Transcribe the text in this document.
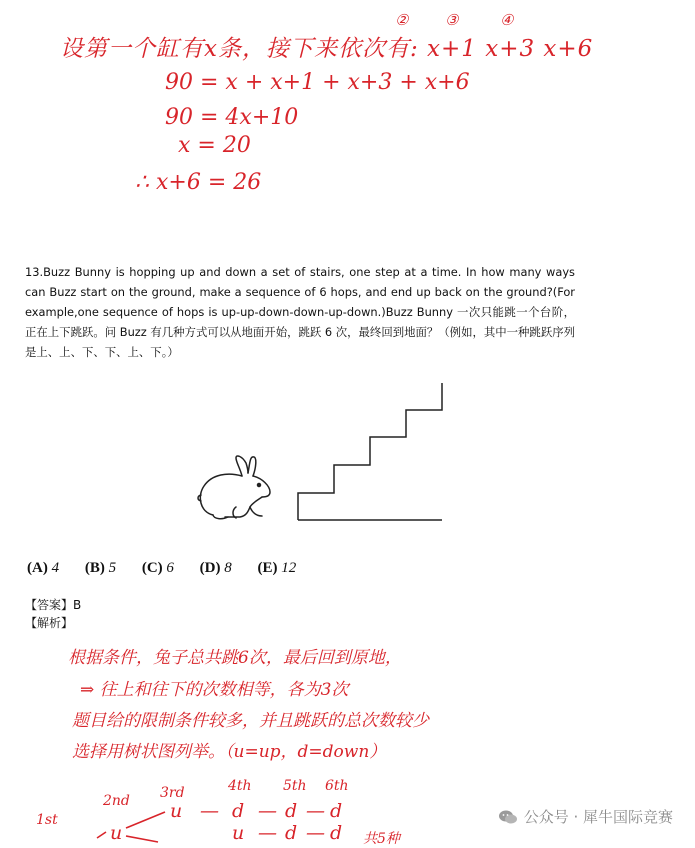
设第一个缸有x条，接下来依次有: x+1 x+3 x+6
② ③	④
90 = x + x+1 + x+3 + x+6
90 = 4x+10
x = 20
∴ x+6 = 26
13.Buzz Bunny is hopping up and down a set of stairs, one step at a time. In how many ways can Buzz start on the ground, make a sequence of 6 hops, and end up back on the ground?(For example,one sequence of hops is up-up-down-down-up-down.)Buzz Bunny 一次只能跳一个台阶，正在上下跳跃。问 Buzz 有几种方式可以从地面开始，跳跃 6 次，最终回到地面？（例如，其中一种跳跃序列是上、上、下、下、上、下。）
(A) 4 (B) 5 (C) 6 (D) 8 (E) 12
【答案】B
【解析】
根据条件，兔子总共跳6次，最后回到原地，
⇒ 往上和往下的次数相等，各为3次
题目给的限制条件较多，并且跳跃的总次数较少
选择用树状图列举。（u=up，d=down）
1st
2nd 3rd	4th 5th 6th
u — d — d — d
u	u — d — d 共5种
公众号 · 犀牛国际竞赛
